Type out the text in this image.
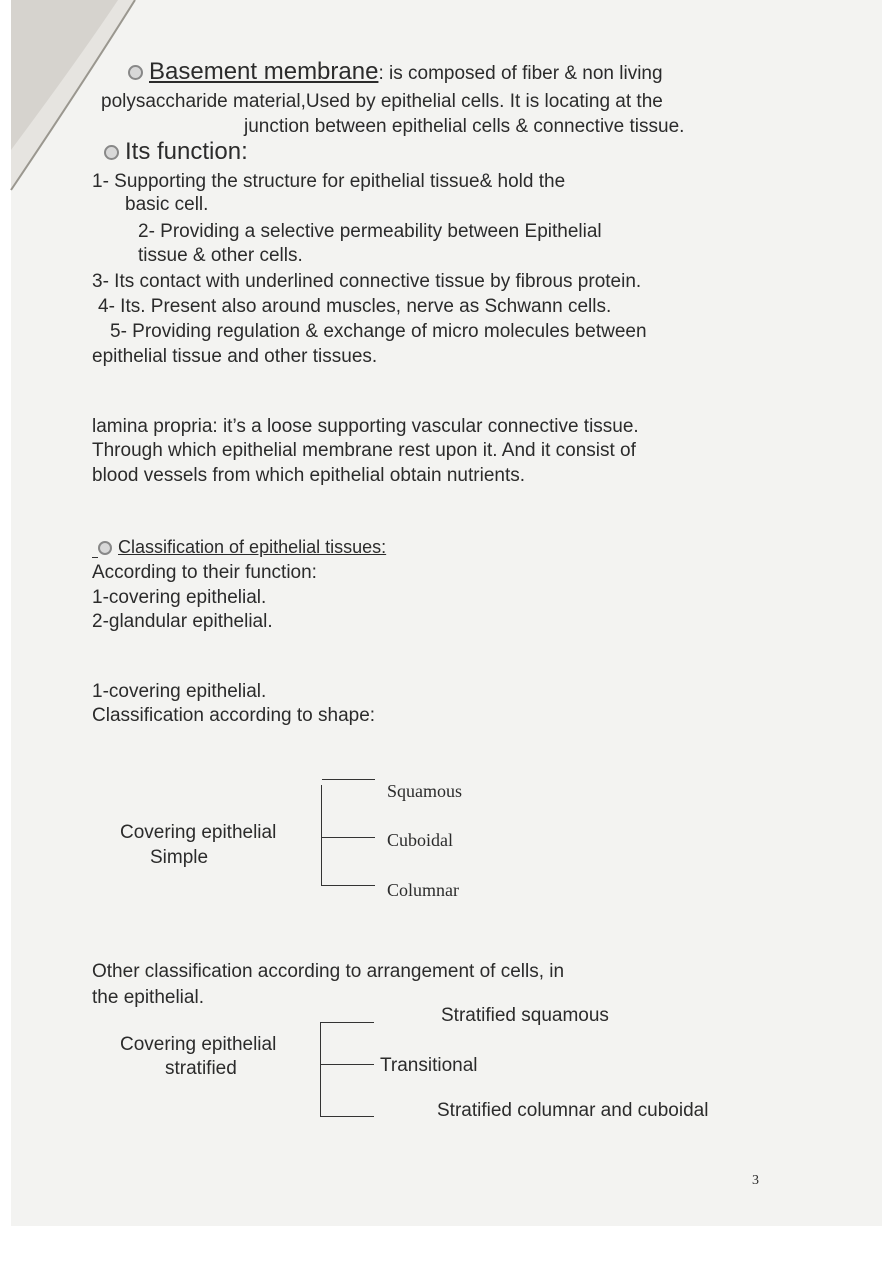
Basement membrane: is composed of fiber & non living
polysaccharide material,Used by epithelial cells. It is locating at the
junction between epithelial cells & connective tissue.
Its function:
1- Supporting the structure for epithelial tissue& hold the
basic cell.
2- Providing a selective permeability between Epithelial
tissue & other cells.
3- Its contact with underlined connective tissue by fibrous protein.
4- Its. Present also around muscles, nerve as Schwann cells.
5- Providing regulation & exchange of micro molecules between
epithelial tissue and other tissues.
lamina propria: it’s a loose supporting vascular connective tissue.
Through which epithelial membrane rest upon it. And it consist of
blood vessels from which epithelial obtain nutrients.
Classification of epithelial tissues:
According to their function:
1-covering epithelial.
2-glandular epithelial.
1-covering epithelial.
Classification according to shape:
Covering epithelial
Simple
Squamous
Cuboidal
Columnar
Other classification according to arrangement of cells, in
the epithelial.
Covering epithelial
stratified
Stratified squamous
Transitional
Stratified columnar and cuboidal
3
